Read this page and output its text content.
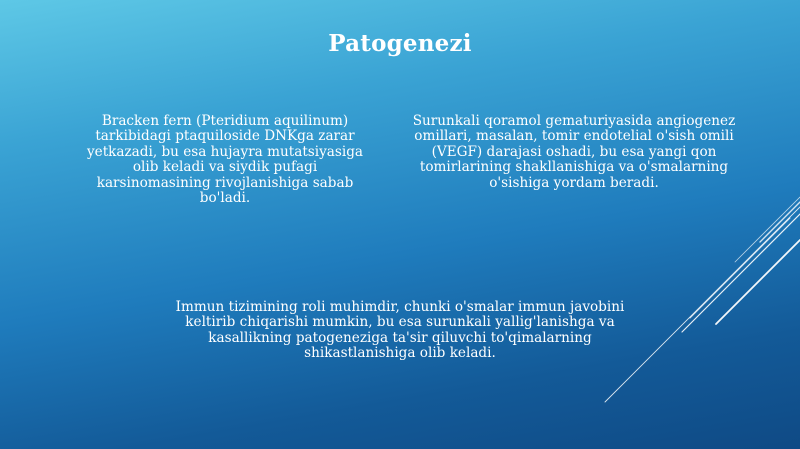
Patogenezi
Bracken fern (Pteridium aquilinum) tarkibidagi ptaquiloside DNKga zarar yetkazadi, bu esa hujayra mutatsiyasiga olib keladi va siydik pufagi karsinomasining rivojlanishiga sabab bo'ladi.
Surunkali qoramol gematuriyasida angiogenez omillari, masalan, tomir endotelial o'sish omili (VEGF) darajasi oshadi, bu esa yangi qon tomirlarining shakllanishiga va o'smalarning o'sishiga yordam beradi.
Immun tizimining roli muhimdir, chunki o'smalar immun javobini keltirib chiqarishi mumkin, bu esa surunkali yallig'lanishga va kasallikning patogeneziga ta'sir qiluvchi to'qimalarning shikastlanishiga olib keladi.
